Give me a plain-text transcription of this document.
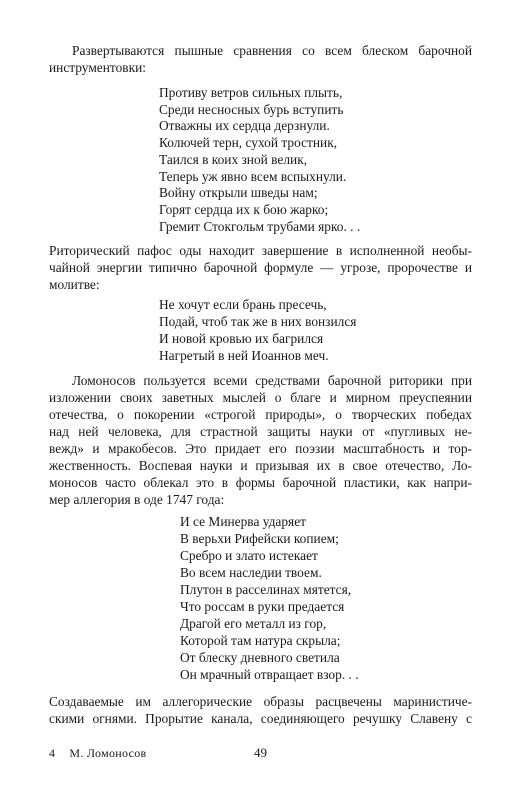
Развертываются пышные сравнения со всем блеском барочной

инструментовки:

Противу ветров сильных плыть,

Среди несносных бурь вступить

Отважны их сердца дерзнули.

Колючей терн, сухой тростник,

Таился в коих зной велик,

Теперь уж явно всем вспыхнули.

Войну открыли шведы нам;

Горят сердца их к бою жарко;

Гремит Стокгольм трубами ярко. . .

Риторический пафос оды находит завершение в исполненной необы-

чайной энергии типично барочной формуле — угрозе, пророчестве и

молитве:

Не хочут если брань пресечь,

Подай, чтоб так же в них вонзился

И новой кровью их багрился

Нагретый в ней Иоаннов меч.

Ломоносов пользуется всеми средствами барочной риторики при

изложении своих заветных мыслей о благе и мирном преуспеянии

отечества, о покорении «строгой природы», о творческих победах

над ней человека, для страстной защиты науки от «пугливых не-

вежд» и мракобесов. Это придает его поэзии масштабность и тор-

жественность. Воспевая науки и призывая их в свое отечество, Ло-

моносов часто облекал это в формы барочной пластики, как напри-

мер аллегория в оде 1747 года:

И се Минерва ударяет

В верьхи Рифейски копием;

Сребро и злато истекает

Во всем наследии твоем.

Плутон в расселинах мятется,

Что россам в руки предается

Драгой его металл из гор,

Которой там натура скрыла;

От блеску дневного светила

Он мрачный отвращает взор. . .

Создаваемые им аллегорические образы расцвечены маринистиче-

скими огнями. Прорытие канала, соединяющего речушку Славену с

4 М. Ломоносов	49
